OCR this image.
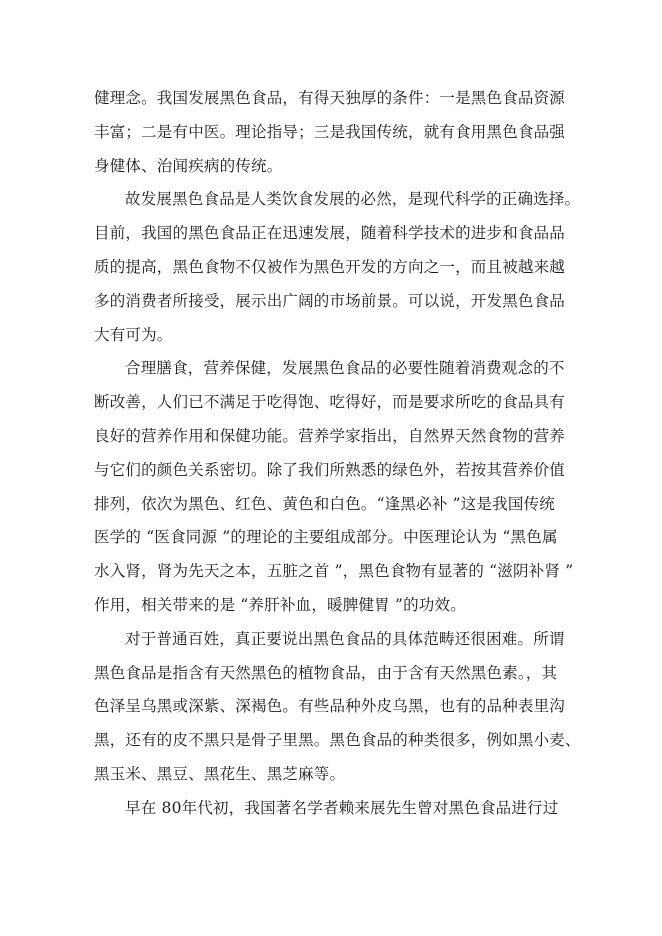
健理念。我国发展黑色食品，有得天独厚的条件：一是黑色食品资源
丰富；二是有中医。理论指导；三是我国传统，就有食用黑色食品强
身健体、治闻疾病的传统。
故发展黑色食品是人类饮食发展的必然，是现代科学的正确选择。
目前，我国的黑色食品正在迅速发展，随着科学技术的进步和食品品
质的提高，黑色食物不仅被作为黑色开发的方向之一，而且被越来越
多的消费者所接受，展示出广阔的市场前景。可以说，开发黑色食品
大有可为。
合理膳食，营养保健，发展黑色食品的必要性随着消费观念的不
断改善，人们已不满足于吃得饱、吃得好，而是要求所吃的食品具有
良好的营养作用和保健功能。营养学家指出，自然界天然食物的营养
与它们的颜色关系密切。除了我们所熟悉的绿色外，若按其营养价值
排列，依次为黑色、红色、黄色和白色。“逢黑必补 ”这是我国传统
医学的 “医食同源 ”的理论的主要组成部分。中医理论认为 “黑色属
水入肾，肾为先天之本，五脏之首 ”，黑色食物有显著的 “滋阴补肾 ”
作用，相关带来的是 “养肝补血，暖脾健胃 ”的功效。
对于普通百姓，真正要说出黑色食品的具体范畴还很困难。所谓
黑色食品是指含有天然黑色的植物食品，由于含有天然黑色素。，其
色泽呈乌黑或深紫、深褐色。有些品种外皮乌黑，也有的品种表里沟
黑，还有的皮不黑只是骨子里黑。黑色食品的种类很多，例如黑小麦、
黑玉米、黑豆、黑花生、黑芝麻等。
早在 80年代初，我国著名学者赖来展先生曾对黑色食品进行过
